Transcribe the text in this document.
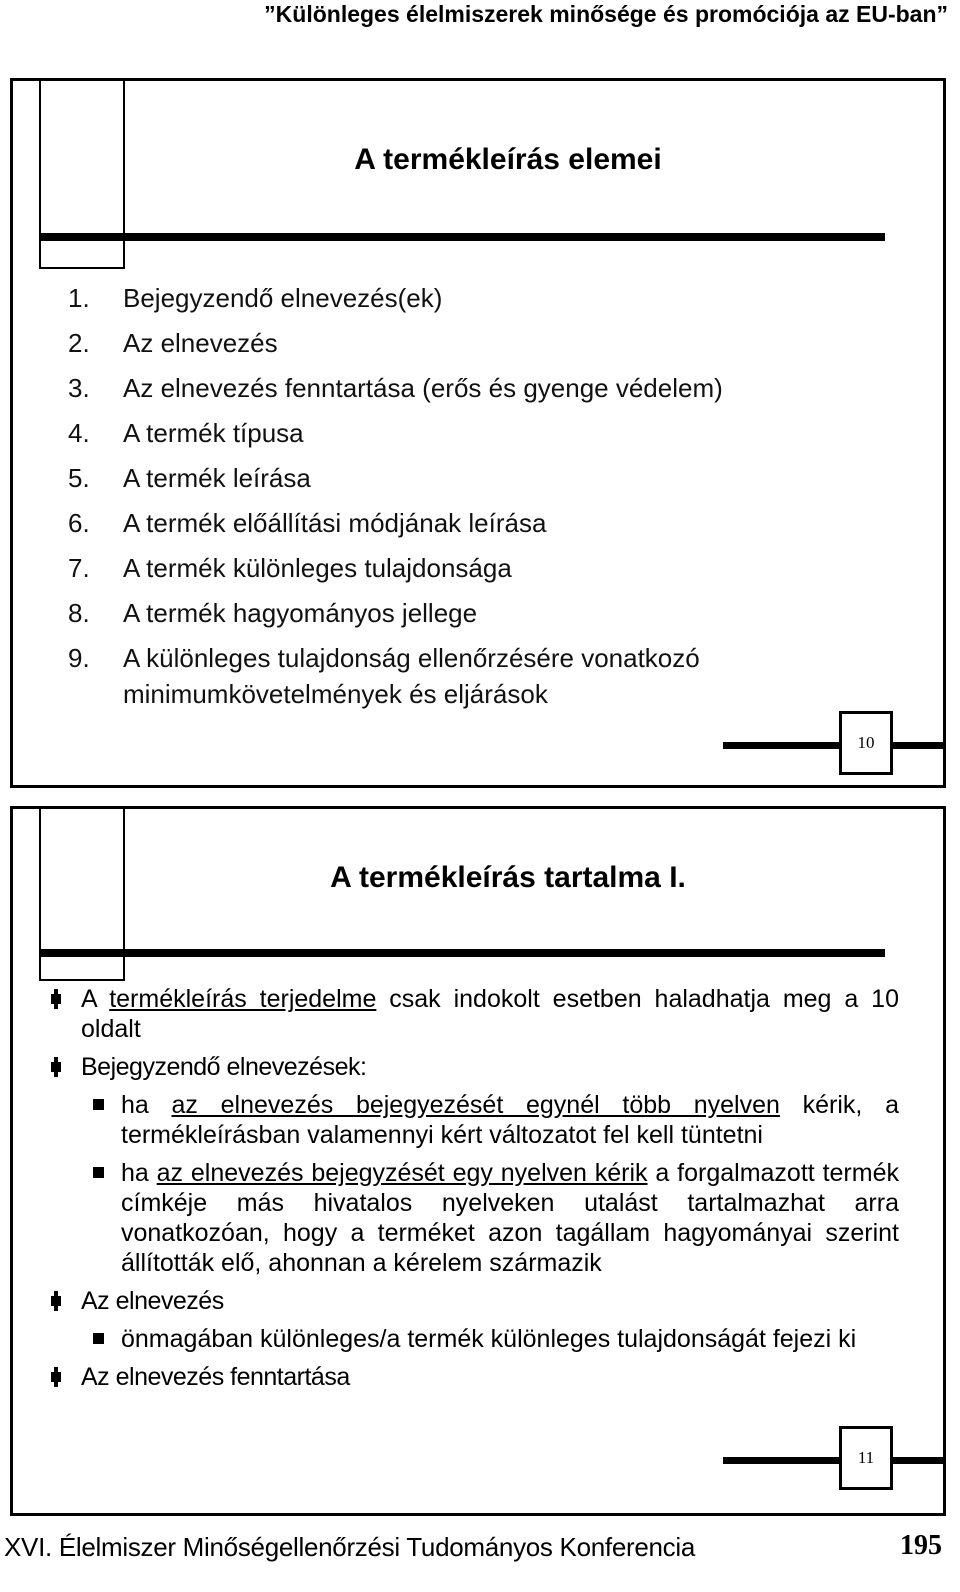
”Különleges élelmiszerek minősége és promóciója az EU-ban”
A termékleírás elemei
1.	Bejegyzendő elnevezés(ek)
2.	Az elnevezés
3.	Az elnevezés fenntartása (erős és gyenge védelem)
4.	A termék típusa
5.	A termék leírása
6.	A termék előállítási módjának leírása
7.	A termék különleges tulajdonsága
8.	A termék hagyományos jellege
9.	A különleges tulajdonság ellenőrzésére vonatkozó minimumkövetelmények és eljárások
10
A termékleírás tartalma I.
A termékleírás terjedelme csak indokolt esetben haladhatja meg a 10 oldalt
Bejegyzendő elnevezések:
ha az elnevezés bejegyezését egynél több nyelven kérik, a termékleírásban valamennyi kért változatot fel kell tüntetni
ha az elnevezés bejegyzését egy nyelven kérik a forgalmazott termék címkéje más hivatalos nyelveken utalást tartalmazhat arra vonatkozóan, hogy a terméket azon tagállam hagyományai szerint állították elő, ahonnan a kérelem származik
Az elnevezés
önmagában különleges/a termék különleges tulajdonságát fejezi ki
Az elnevezés fenntartása
11
XVI. Élelmiszer Minőségellenőrzési Tudományos Konferencia	195
